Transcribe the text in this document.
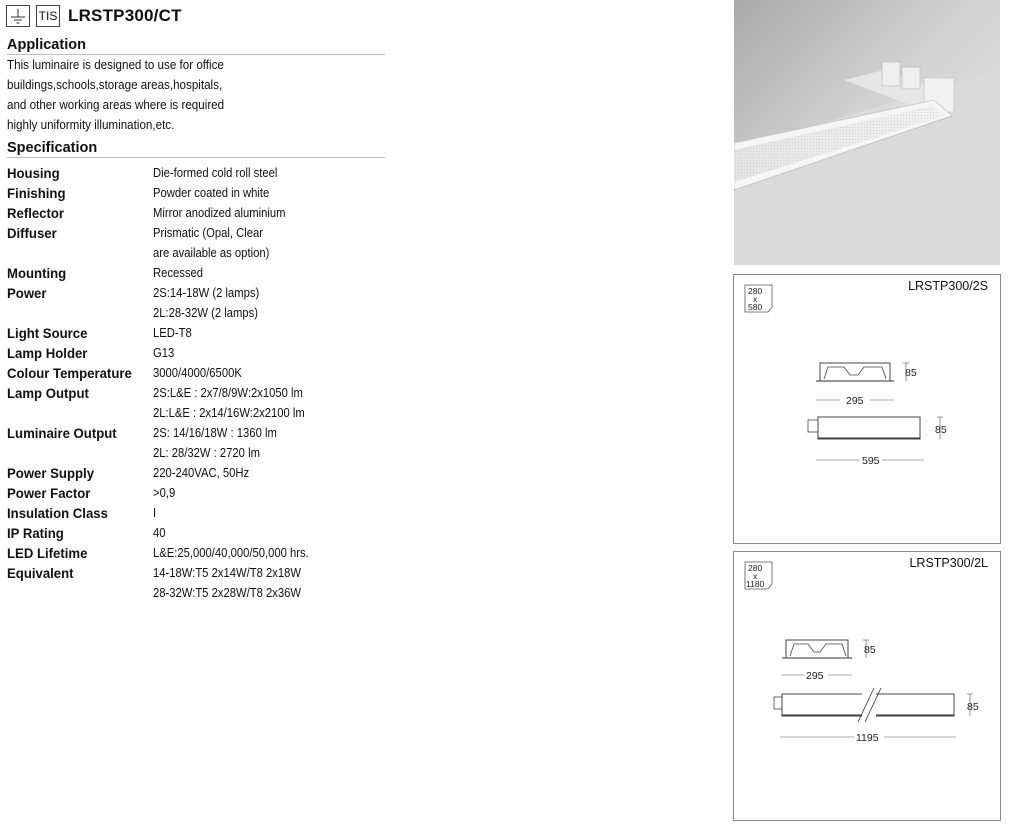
TIS LRSTP300/CT
Application
This luminaire is designed to use for office
buildings,schools,storage areas,hospitals,
and other working areas where is required
highly uniformity illumination,etc.
Specification
Housing	Die-formed cold roll steel
Finishing	Powder coated in white
Reflector	Mirror anodized aluminium
Diffuser	Prismatic (Opal, Clear
are available as option)
Mounting	Recessed
Power	2S:14-18W (2 lamps)
2L:28-32W (2 lamps)
Light Source	LED-T8
Lamp Holder	G13
Colour Temperature	3000/4000/6500K
Lamp Output	2S:L&E : 2x7/8/9W:2x1050 lm
2L:L&E : 2x14/16W:2x2100 lm
Luminaire Output	2S: 14/16/18W : 1360 lm
2L: 28/32W : 2720 lm
Power Supply	220-240VAC, 50Hz
Power Factor	>0,9
Insulation Class	I
IP Rating	40
LED Lifetime	L&E:25,000/40,000/50,000 hrs.
Equivalent	14-18W:T5 2x14W/T8 2x18W
28-32W:T5 2x28W/T8 2x36W
LRSTP300/2S
280
x
580
85
295
85
595
LRSTP300/2L
280
x
1180
85
295
85
1195
